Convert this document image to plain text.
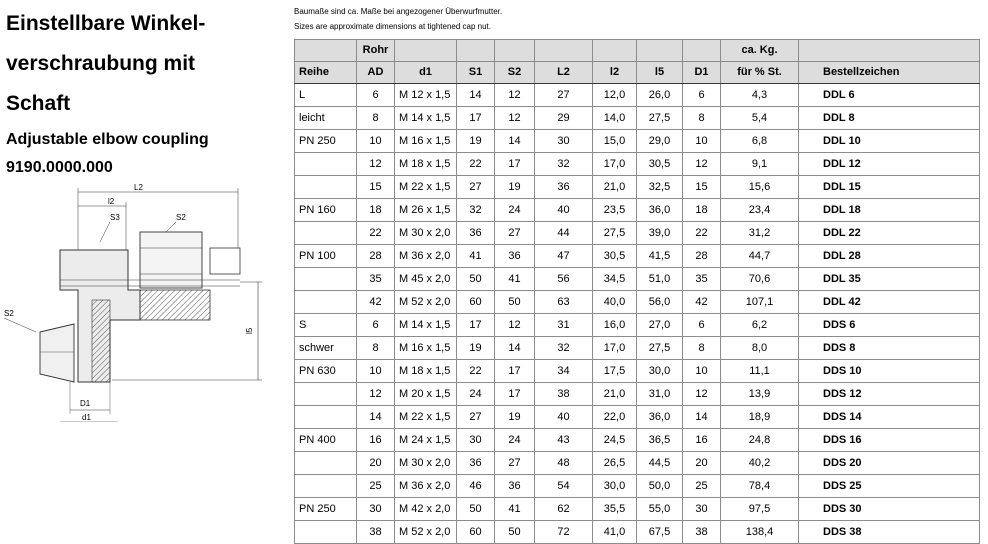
Einstellbare Winkel-
verschraubung mit
Schaft
Adjustable elbow coupling
9190.0000.000
L2
l2
S3	S2
S2
l5
D1
d1
Baumaße sind ca. Maße bei angezogener Überwurfmutter.
Sizes are approximate dimensions at tightened cap nut.
	Rohr								ca. Kg.	
Reihe	AD	d1	S1	S2	L2	l2	l5	D1	für % St.	Bestellzeichen
L	6	M 12 x 1,5	14	12	27	12,0	26,0	6	4,3	DDL 6
leicht	8	M 14 x 1,5	17	12	29	14,0	27,5	8	5,4	DDL 8
PN 250	10	M 16 x 1,5	19	14	30	15,0	29,0	10	6,8	DDL 10
	12	M 18 x 1,5	22	17	32	17,0	30,5	12	9,1	DDL 12
	15	M 22 x 1,5	27	19	36	21,0	32,5	15	15,6	DDL 15
PN 160	18	M 26 x 1,5	32	24	40	23,5	36,0	18	23,4	DDL 18
	22	M 30 x 2,0	36	27	44	27,5	39,0	22	31,2	DDL 22
PN 100	28	M 36 x 2,0	41	36	47	30,5	41,5	28	44,7	DDL 28
	35	M 45 x 2,0	50	41	56	34,5	51,0	35	70,6	DDL 35
	42	M 52 x 2,0	60	50	63	40,0	56,0	42	107,1	DDL 42
S	6	M 14 x 1,5	17	12	31	16,0	27,0	6	6,2	DDS 6
schwer	8	M 16 x 1,5	19	14	32	17,0	27,5	8	8,0	DDS 8
PN 630	10	M 18 x 1,5	22	17	34	17,5	30,0	10	11,1	DDS 10
	12	M 20 x 1,5	24	17	38	21,0	31,0	12	13,9	DDS 12
	14	M 22 x 1,5	27	19	40	22,0	36,0	14	18,9	DDS 14
PN 400	16	M 24 x 1,5	30	24	43	24,5	36,5	16	24,8	DDS 16
	20	M 30 x 2,0	36	27	48	26,5	44,5	20	40,2	DDS 20
	25	M 36 x 2,0	46	36	54	30,0	50,0	25	78,4	DDS 25
PN 250	30	M 42 x 2,0	50	41	62	35,5	55,0	30	97,5	DDS 30
	38	M 52 x 2,0	60	50	72	41,0	67,5	38	138,4	DDS 38
